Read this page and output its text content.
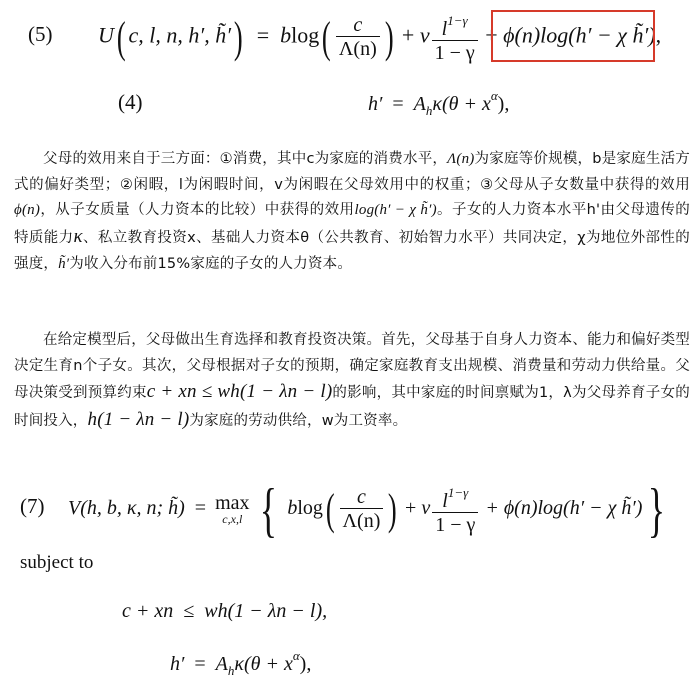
(5) U( c, l, n, h′, h̃′) = $blog( \frac{c}{\Lambda(n)}$ ) + ν $\frac{l^{1-\gamma}}{1 - \gamma} + \phi(n)\log(h' - \chi$ h̃′),
(4)	$h' = A_h\kappa(\theta + x^\alpha)$,
父母的效用来自于三方面：①消费，其中c为家庭的消费水平，Λ(n)为家庭等价规模，b是家庭生活方式的偏好类型；②闲暇，l为闲暇时间，v为闲暇在父母效用中的权重；③父母从子女数量中获得的效用ϕ(n)，从子女质量（人力资本的比较）中获得的效用log(h′ − χ h̃′)。子女的人力资本水平h'由父母遗传的特质能力κ、私立教育投资x、基础人力资本θ（公共教育、初始智力水平）共同决定，χ为地位外部性的强度，h̃′为收入分布前15%家庭的子女的人力资本。
在给定模型后，父母做出生育选择和教育投资决策。首先，父母基于自身人力资本、能力和偏好类型决定生育n个子女。其次，父母根据对子女的预期，确定家庭教育支出规模、消费量和劳动力供给量。父母决策受到预算约束c + xn ≤ wh(1 − λn − l)的影响，其中家庭的时间禀赋为1，λ为父母养育子女的时间投入，h(1 − λn − l)为家庭的劳动供给，w为工资率。
(7) V(h, b, κ, n; h̃) = max
c,x,l { $blog( \frac{c}{\Lambda(n)}$ ) + ν $\frac{l^{1-\gamma}}{1 - \gamma} + \phi(n)\log(h' - \chi$ h̃′)}
subject to
c + xn  ≤  wh(1 − λn − l),
$h' = A_h\kappa(\theta + x^\alpha)$,
